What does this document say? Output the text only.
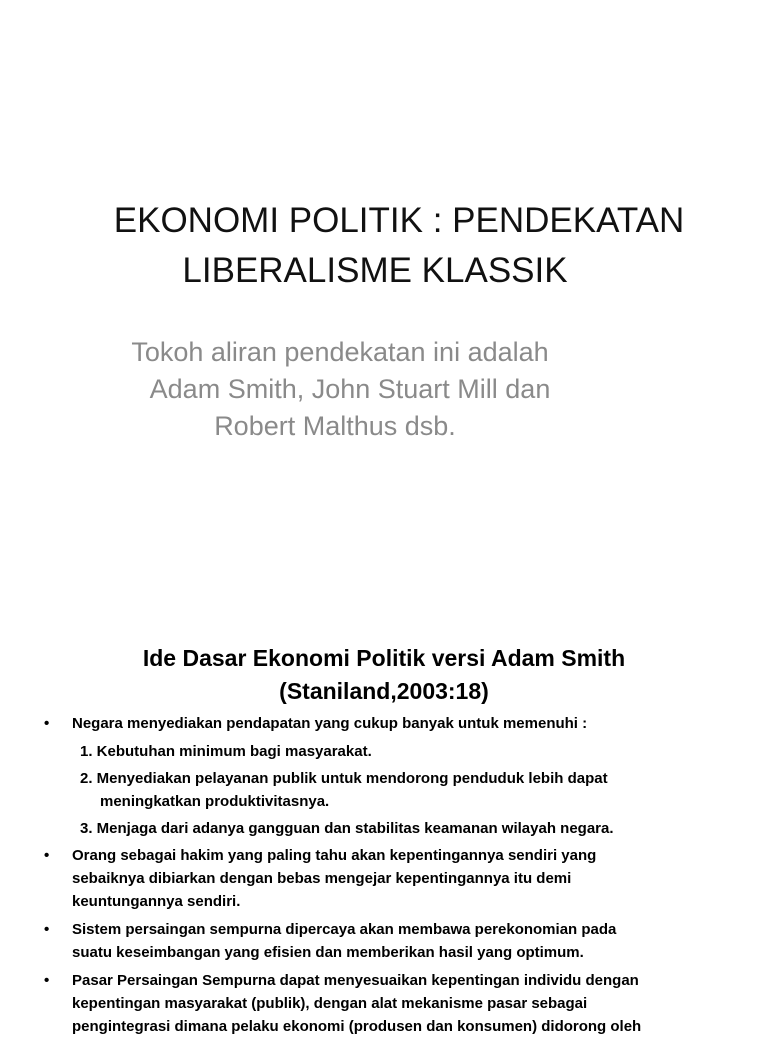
EKONOMI POLITIK : PENDEKATAN
LIBERALISME KLASSIK
Tokoh aliran pendekatan ini adalah
Adam Smith, John Stuart Mill dan
Robert Malthus dsb.
Ide Dasar Ekonomi Politik versi Adam Smith
(Staniland,2003:18)
• Negara menyediakan pendapatan yang cukup banyak untuk memenuhi :
1. Kebutuhan minimum bagi masyarakat.
2. Menyediakan pelayanan publik untuk mendorong penduduk lebih dapat
meningkatkan produktivitasnya.
3. Menjaga dari adanya gangguan dan stabilitas keamanan wilayah negara.
• Orang sebagai hakim yang paling tahu akan kepentingannya sendiri yang
sebaiknya dibiarkan dengan bebas mengejar kepentingannya itu demi
keuntungannya sendiri.
• Sistem persaingan sempurna dipercaya akan membawa perekonomian pada
suatu keseimbangan yang efisien dan memberikan hasil yang optimum.
• Pasar Persaingan Sempurna dapat menyesuaikan kepentingan individu dengan
kepentingan masyarakat (publik), dengan alat mekanisme pasar sebagai
pengintegrasi dimana pelaku ekonomi (produsen dan konsumen) didorong oleh
